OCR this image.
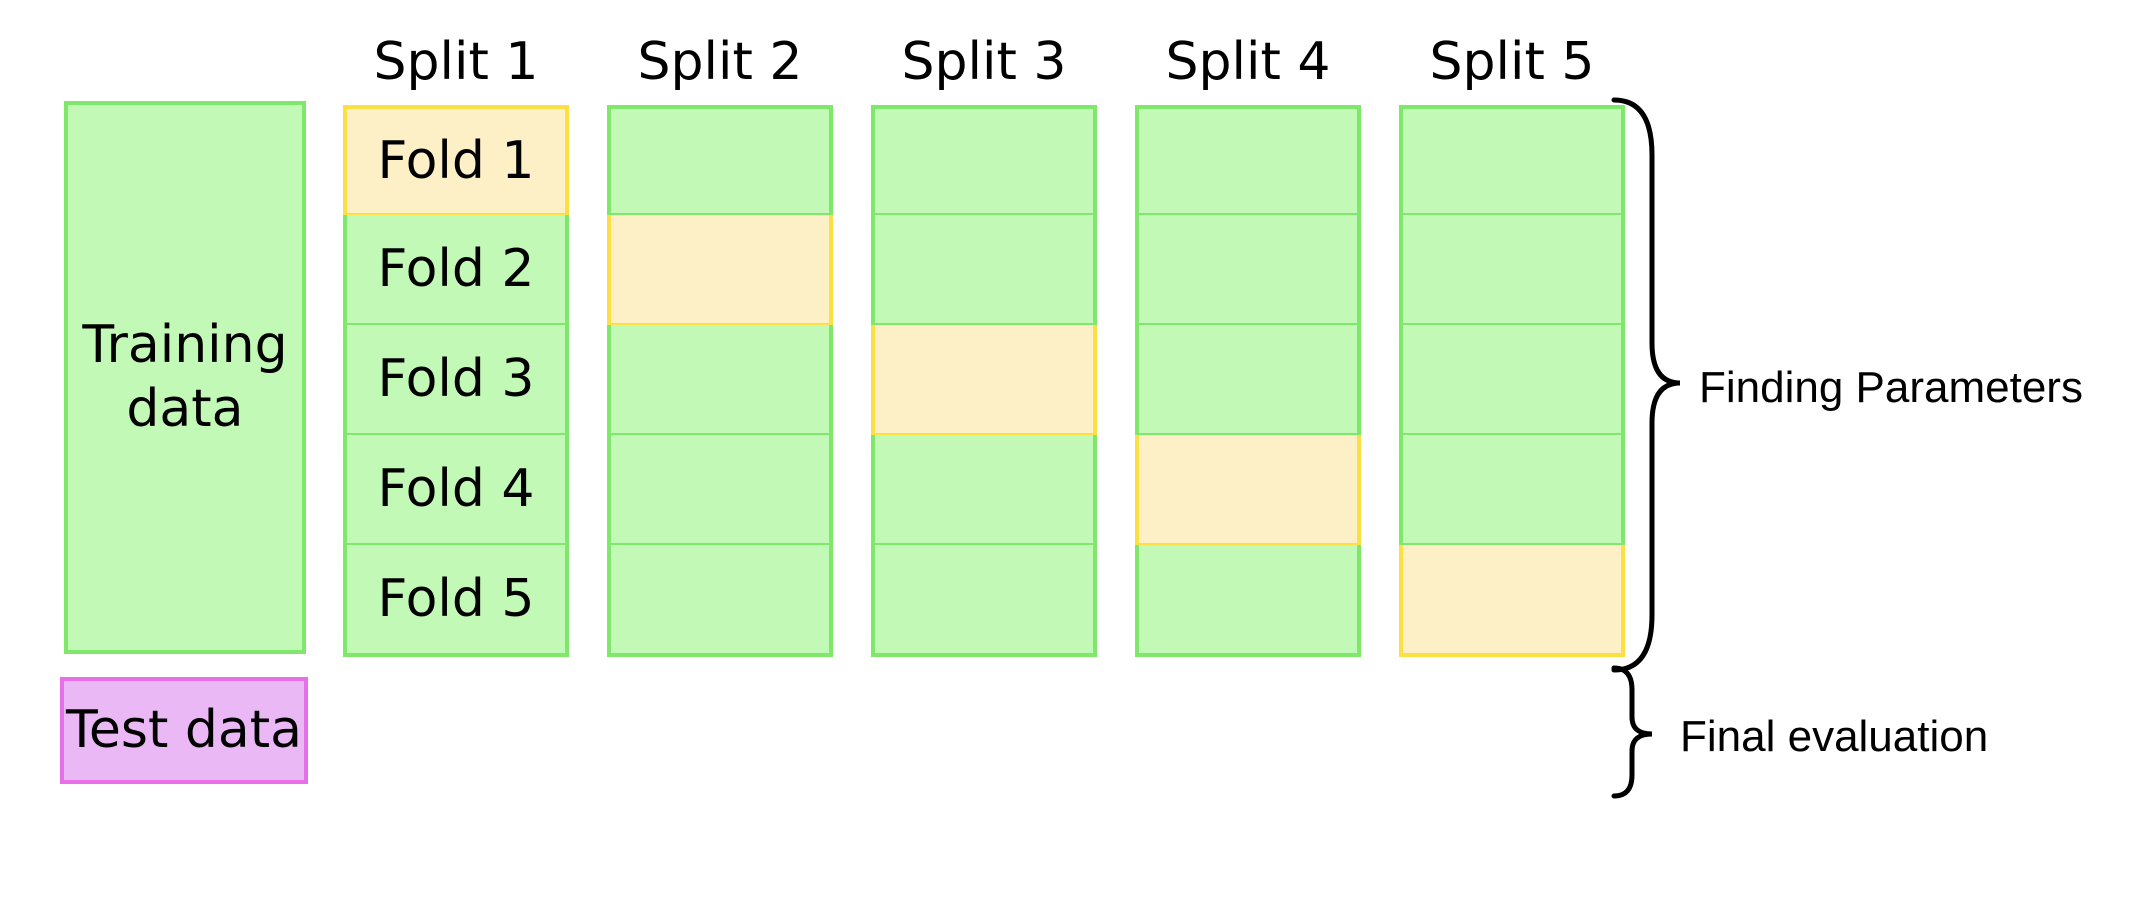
Training
data
Test data
Split 1
Fold 1
Fold 2
Fold 3
Fold 4
Fold 5
Split 2	Split 3	Split 4	Split 5
Finding Parameters
Final evaluation
